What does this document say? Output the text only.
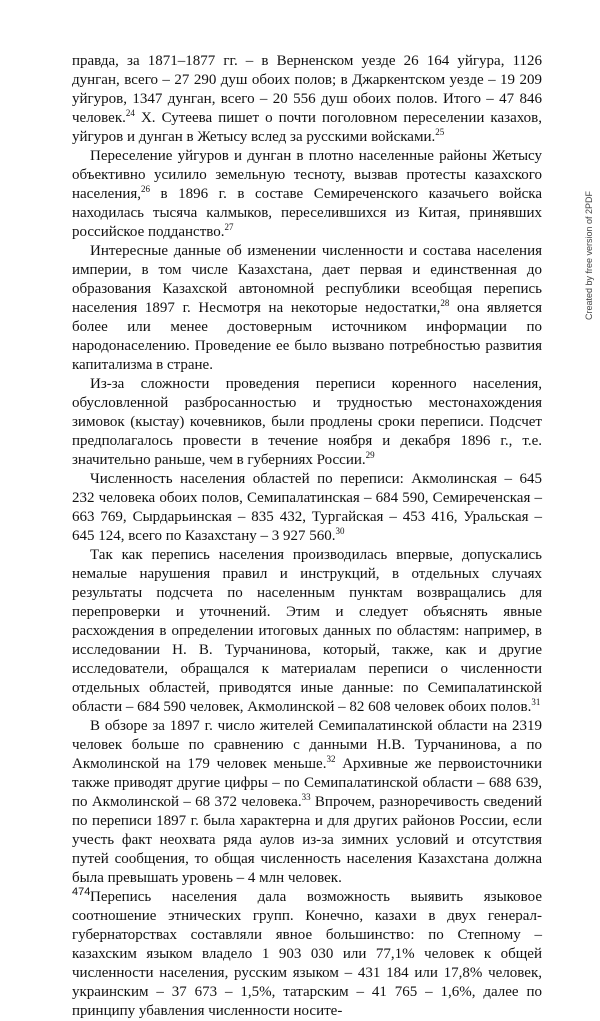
правда, за 1871–1877 гг. – в Верненском уезде 26 164 уйгура, 1126 дунган, всего – 27 290 душ обоих полов; в Джаркентском уезде – 19 209 уйгуров, 1347 дунган, всего – 20 556 душ обоих полов. Итого – 47 846 человек.$^{24}$ Х. Сутеева пишет о почти поголовном переселении казахов, уйгуров и дунган в Жетысу вслед за русскими войсками.$^{25}$

Переселение уйгуров и дунган в плотно населенные районы Жетысу объективно усилило земельную тесноту, вызвав протесты казахского населения,$^{26}$ в 1896 г. в составе Семиреченского казачьего войска находилась тысяча калмыков, переселившихся из Китая, принявших российское подданство.$^{27}$

Интересные данные об изменении численности и состава населения империи, в том числе Казахстана, дает первая и единственная до образования Казахской автономной республики всеобщая перепись населения 1897 г. Несмотря на некоторые недостатки,$^{28}$ она является более или менее достоверным источником информации по народонаселению. Проведение ее было вызвано потребностью развития капитализма в стране.

Из-за сложности проведения переписи коренного населения, обусловленной разбросанностью и трудностью местонахождения зимовок (кыстау) кочевников, были продлены сроки переписи. Подсчет предполагалось провести в течение ноября и декабря 1896 г., т.е. значительно раньше, чем в губерниях России.$^{29}$

Численность населения областей по переписи: Акмолинская – 645 232 человека обоих полов, Семипалатинская – 684 590, Семиреченская – 663 769, Сырдарьинская – 835 432, Тургайская – 453 416, Уральская – 645 124, всего по Казахстану – 3 927 560.30

Так как перепись населения производилась впервые, допускались немалые нарушения правил и инструкций, в отдельных случаях результаты подсчета по населенным пунктам возвращались для перепроверки и уточнений. Этим и следует объяснять явные расхождения в определении итоговых данных по областям: например, в исследовании Н. В. Турчанинова, который, также, как и другие исследователи, обращался к материалам переписи о численности отдельных областей, приводятся иные данные: по Семипалатинской области – 684 590 человек, Акмолинской – 82 608 человек обоих полов.$^{31}$

В обзоре за 1897 г. число жителей Семипалатинской области на 2319 человек больше по сравнению с данными Н.В. Турчанинова, а по Акмолинской на 179 человек меньше.$^{32}$ Архивные же первоисточники также приводят другие цифры – по Семипалатинской области – 688 639, по Акмолинской – 68 372 человека.$^{33}$ Впрочем, разноречивость сведений по переписи 1897 г. была характерна и для других районов России, если учесть факт неохвата ряда аулов из-за зимних условий и отсутствия путей сообщения, то общая численность населения Казахстана должна была превышать уровень – 4 млн человек.

Перепись населения дала возможность выявить языковое соотношение этнических групп. Конечно, казахи в двух генерал-губернаторствах составляли явное большинство: по Степному – казахским языком владело 1 903 030 или 77,1% человек к общей численности населения, русским языком – 431 184 или 17,8% человек, украинским – 37 673 – 1,5%, татарским – 41 765 – 1,6%, далее по принципу убавления численности носите-

Created by free version of 2PDF
474
